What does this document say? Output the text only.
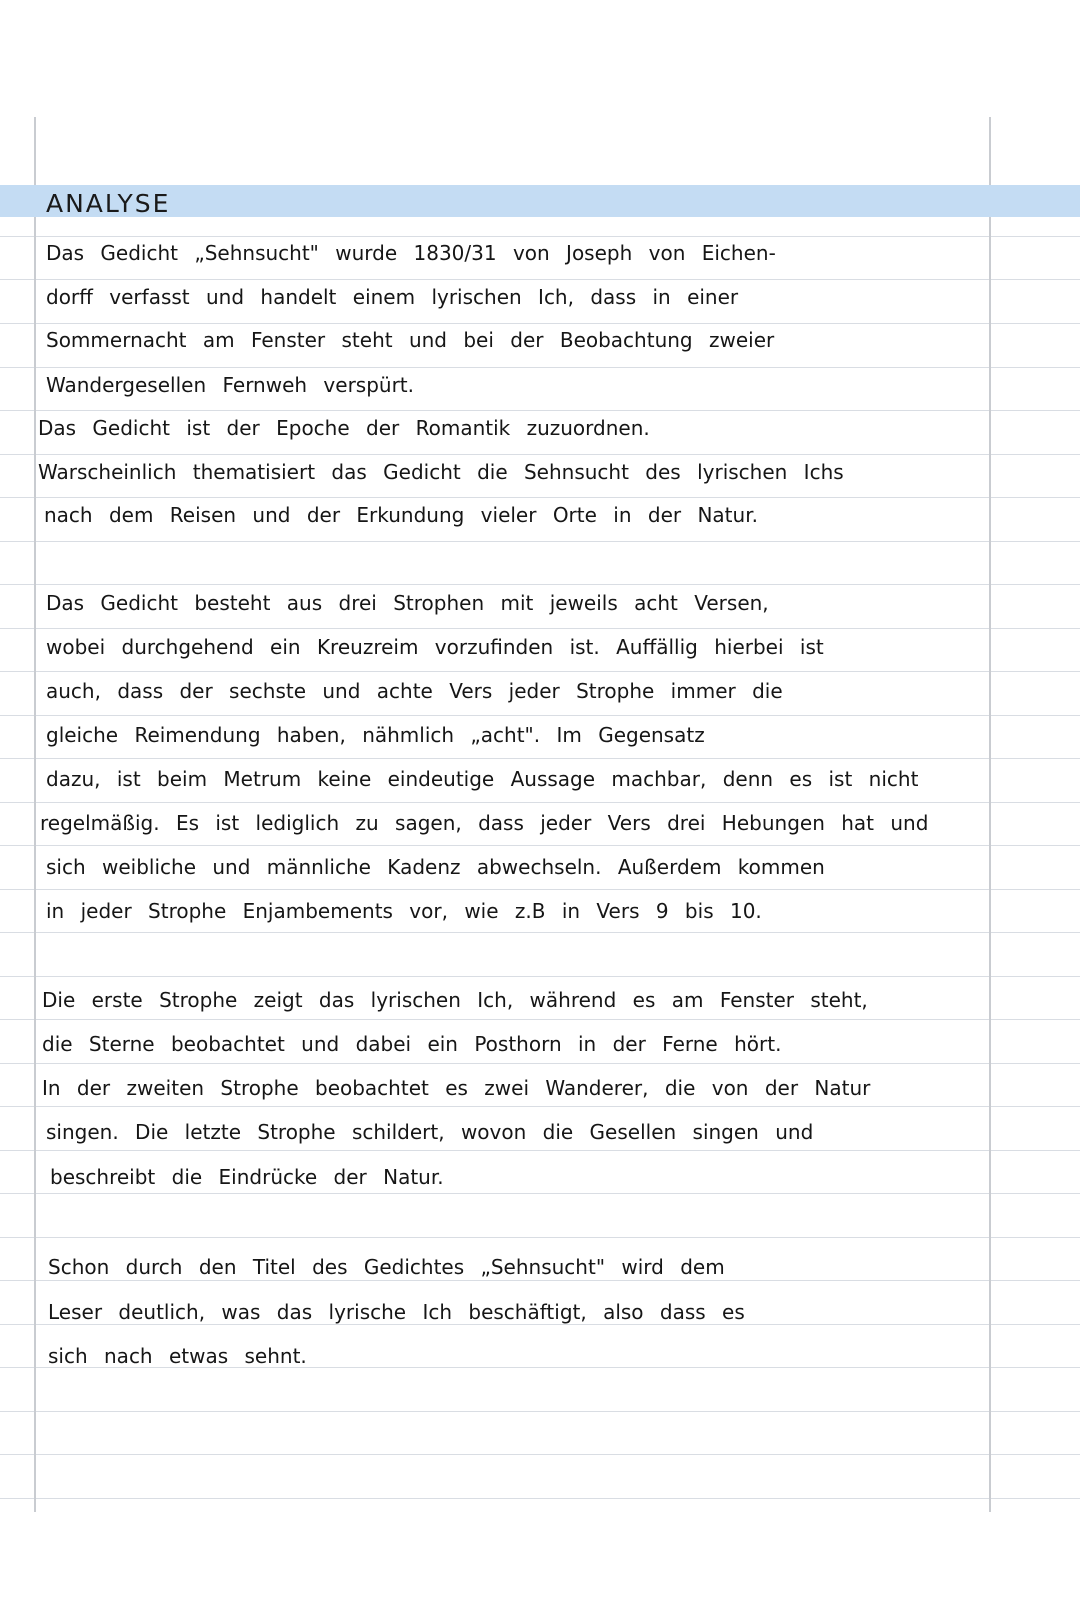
ANALYSE
Das Gedicht „Sehnsucht" wurde 1830/31 von Joseph von Eichen-
dorff verfasst und handelt einem lyrischen Ich, dass in einer
Sommernacht am Fenster steht und bei der Beobachtung zweier
Wandergesellen Fernweh verspürt.
Das Gedicht ist der Epoche der Romantik zuzuordnen.
Warscheinlich thematisiert das Gedicht die Sehnsucht des lyrischen Ichs
nach dem Reisen und der Erkundung vieler Orte in der Natur.
Das Gedicht besteht aus drei Strophen mit jeweils acht Versen,
wobei durchgehend ein Kreuzreim vorzufinden ist. Auffällig hierbei ist
auch, dass der sechste und achte Vers jeder Strophe immer die
gleiche Reimendung haben, nähmlich „acht". Im Gegensatz
dazu, ist beim Metrum keine eindeutige Aussage machbar, denn es ist nicht
regelmäßig. Es ist lediglich zu sagen, dass jeder Vers drei Hebungen hat und
sich weibliche und männliche Kadenz abwechseln. Außerdem kommen
in jeder Strophe Enjambements vor, wie z.B in Vers 9 bis 10.
Die erste Strophe zeigt das lyrischen Ich, während es am Fenster steht,
die Sterne beobachtet und dabei ein Posthorn in der Ferne hört.
In der zweiten Strophe beobachtet es zwei Wanderer, die von der Natur
singen. Die letzte Strophe schildert, wovon die Gesellen singen und
beschreibt die Eindrücke der Natur.
Schon durch den Titel des Gedichtes „Sehnsucht" wird dem
Leser deutlich, was das lyrische Ich beschäftigt, also dass es
sich nach etwas sehnt.
